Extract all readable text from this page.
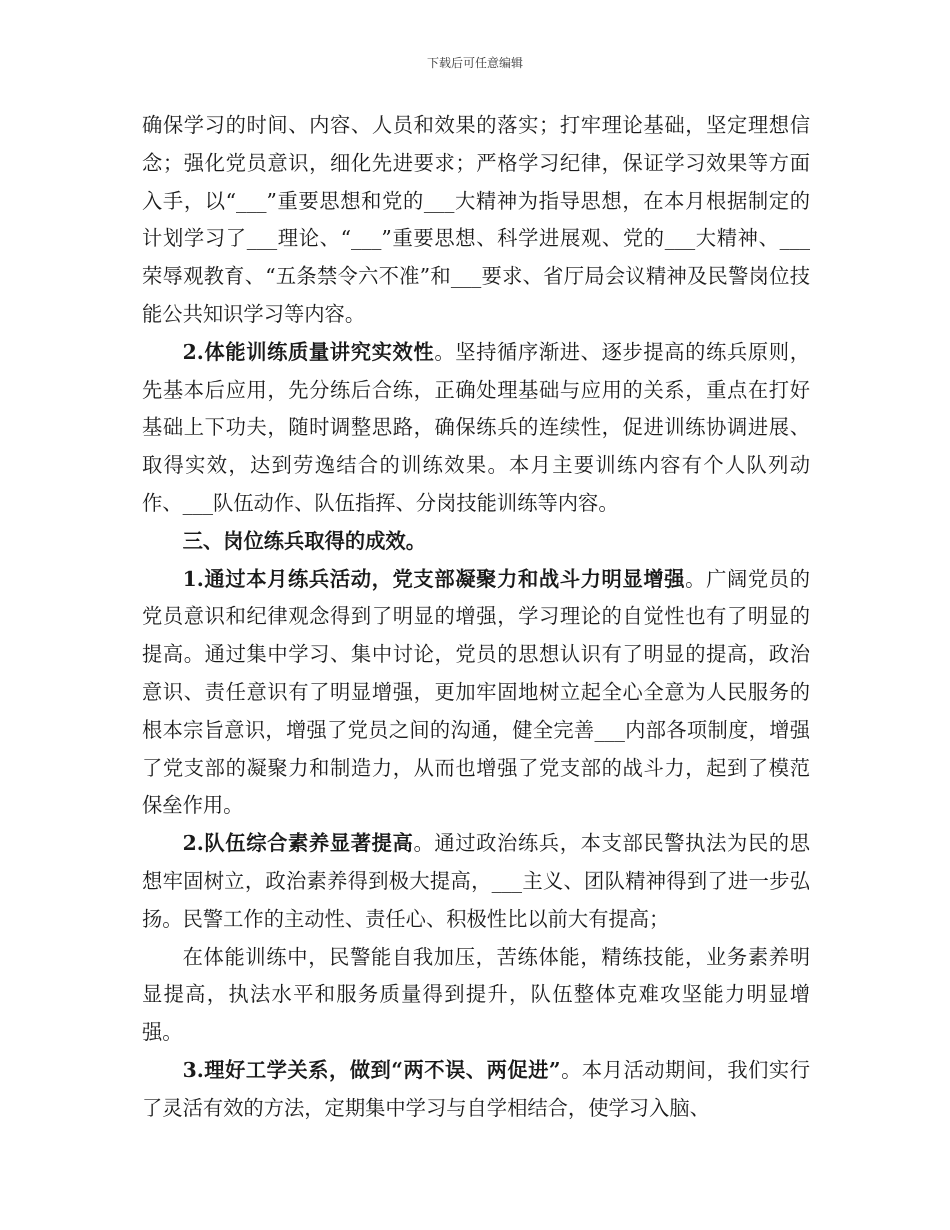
下载后可任意编辑

确保学习的时间、内容、人员和效果的落实；打牢理论基础，坚定理想信念；强化党员意识，细化先进要求；严格学习纪律，保证学习效果等方面入手，以“___”重要思想和党的___大精神为指导思想，在本月根据制定的计划学习了___理论、“___”重要思想、科学进展观、党的___大精神、___荣辱观教育、“五条禁令六不准”和___要求、省厅局会议精神及民警岗位技能公共知识学习等内容。

2.体能训练质量讲究实效性。坚持循序渐进、逐步提高的练兵原则，先基本后应用，先分练后合练，正确处理基础与应用的关系，重点在打好基础上下功夫，随时调整思路，确保练兵的连续性，促进训练协调进展、取得实效，达到劳逸结合的训练效果。本月主要训练内容有个人队列动作、___队伍动作、队伍指挥、分岗技能训练等内容。

三、岗位练兵取得的成效。

1.通过本月练兵活动，党支部凝聚力和战斗力明显增强。广阔党员的党员意识和纪律观念得到了明显的增强，学习理论的自觉性也有了明显的提高。通过集中学习、集中讨论，党员的思想认识有了明显的提高，政治意识、责任意识有了明显增强，更加牢固地树立起全心全意为人民服务的根本宗旨意识，增强了党员之间的沟通，健全完善___内部各项制度，增强了党支部的凝聚力和制造力，从而也增强了党支部的战斗力，起到了模范保垒作用。

2.队伍综合素养显著提高。通过政治练兵，本支部民警执法为民的思想牢固树立，政治素养得到极大提高，___主义、团队精神得到了进一步弘扬。民警工作的主动性、责任心、积极性比以前大有提高；

在体能训练中，民警能自我加压，苦练体能，精练技能，业务素养明显提高，执法水平和服务质量得到提升，队伍整体克难攻坚能力明显增强。

3.理好工学关系，做到“两不误、两促进”。本月活动期间，我们实行了灵活有效的方法，定期集中学习与自学相结合，使学习入脑、
